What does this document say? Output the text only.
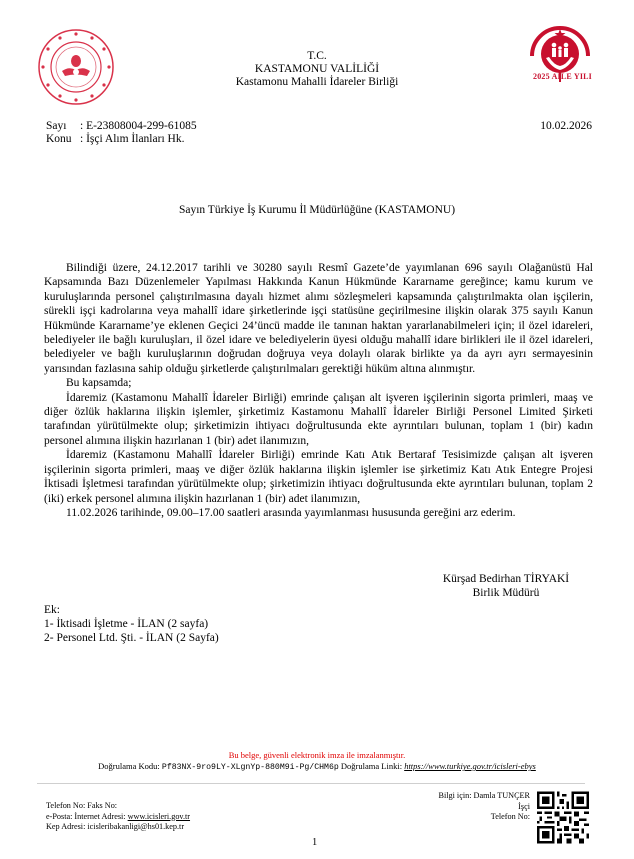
2025 AİLE YILI
T.C.
KASTAMONU VALİLİĞİ
Kastamonu Mahalli İdareler Birliği
Sayı : E-23808004-299-61085
Konu : İşçi Alım İlanları Hk.
10.02.2026
Sayın Türkiye İş Kurumu İl Müdürlüğüne (KASTAMONU)

Bilindiği üzere, 24.12.2017 tarihli ve 30280 sayılı Resmî Gazete’de yayımlanan 696 sayılı Olağanüstü Hal Kapsamında Bazı Düzenlemeler Yapılması Hakkında Kanun Hükmünde Kararname gereğince; kamu kurum ve kuruluşlarında personel çalıştırılmasına dayalı hizmet alımı sözleşmeleri kapsamında çalıştırılmakta olan işçilerin, sürekli işçi kadrolarına veya mahallî idare şirketlerinde işçi statüsüne geçirilmesine ilişkin olarak 375 sayılı Kanun Hükmünde Kararname’ye eklenen Geçici 24’üncü madde ile tanınan haktan yararlanabilmeleri için; il özel idareleri, belediyeler ile bağlı kuruluşları, il özel idare ve belediyelerin üyesi olduğu mahallî idare birlikleri ile il özel idareleri, belediyeler ve bağlı kuruluşlarının doğrudan doğruya veya dolaylı olarak birlikte ya da ayrı ayrı sermayesinin yarısından fazlasına sahip olduğu şirketlerde çalıştırılmaları gerektiği hüküm altına alınmıştır.

Bu kapsamda;

İdaremiz (Kastamonu Mahallî İdareler Birliği) emrinde çalışan alt işveren işçilerinin sigorta primleri, maaş ve diğer özlük haklarına ilişkin işlemler, şirketimiz Kastamonu Mahallî İdareler Birliği Personel Limited Şirketi tarafından yürütülmekte olup; şirketimizin ihtiyacı doğrultusunda ekte ayrıntıları bulunan, toplam 1 (bir) kadın personel alımına ilişkin hazırlanan 1 (bir) adet ilanımızın,

İdaremiz (Kastamonu Mahallî İdareler Birliği) emrinde Katı Atık Bertaraf Tesisimizde çalışan alt işveren işçilerinin sigorta primleri, maaş ve diğer özlük haklarına ilişkin işlemler ise şirketimiz Katı Atık Entegre Projesi İktisadi İşletmesi tarafından yürütülmekte olup; şirketimizin ihtiyacı doğrultusunda ekte ayrıntıları bulunan, toplam 2 (iki) erkek personel alımına ilişkin hazırlanan 1 (bir) adet ilanımızın,

11.02.2026 tarihinde, 09.00–17.00 saatleri arasında yayımlanması hususunda gereğini arz ederim.

Kürşad Bedirhan TİRYAKİ
Birlik Müdürü
Ek:
1- İktisadi İşletme - İLAN (2 sayfa)
2- Personel Ltd. Şti. - İLAN (2 Sayfa)
Bu belge, güvenli elektronik imza ile imzalanmıştır.
Doğrulama Kodu: Pf83NX-9ro9LY-XLgnYp-880M9i-Pg/CHM6p Doğrulama Linki: https://www.turkiye.gov.tr/icisleri-ebys
Telefon No: Faks No:
e-Posta: İnternet Adresi: www.icisleri.gov.tr
Kep Adresi: icisleribakanligi@hs01.kep.tr
Bilgi için: Damla TUNÇER
İşçi
Telefon No:
1
